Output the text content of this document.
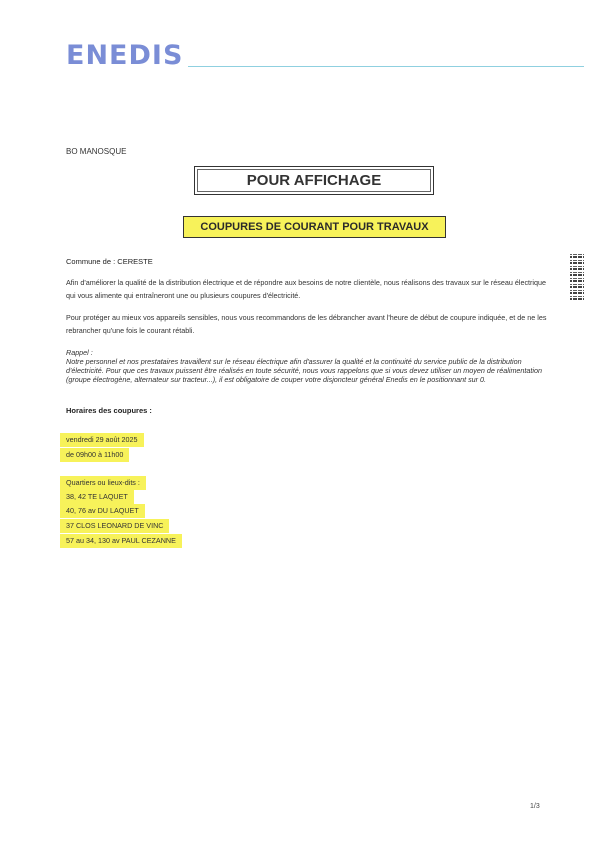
ENEDIS
BO MANOSQUE
POUR AFFICHAGE
COUPURES DE COURANT POUR TRAVAUX
Commune de : CERESTE
Afin d'améliorer la qualité de la distribution électrique et de répondre aux besoins de notre clientèle, nous réalisons des travaux sur le réseau électrique qui vous alimente qui entraîneront une ou plusieurs coupures d'électricité.
Pour protéger au mieux vos appareils sensibles, nous vous recommandons de les débrancher avant l'heure de début de coupure indiquée, et de ne les rebrancher qu'une fois le courant rétabli.
Rappel :
Notre personnel et nos prestataires travaillent sur le réseau électrique afin d'assurer la qualité et la continuité du service public de la distribution d'électricité. Pour que ces travaux puissent être réalisés en toute sécurité, nous vous rappelons que si vous devez utiliser un moyen de réalimentation (groupe électrogène, alternateur sur tracteur...), il est obligatoire de couper votre disjoncteur général Enedis en le positionnant sur 0.
Horaires des coupures :
vendredi 29 août 2025
de 09h00 à 11h00
Quartiers ou lieux-dits :
38, 42 TE LAQUET
40, 76 av DU LAQUET
37 CLOS LEONARD DE VINC
57 au 34, 130 av PAUL CEZANNE
1/3
